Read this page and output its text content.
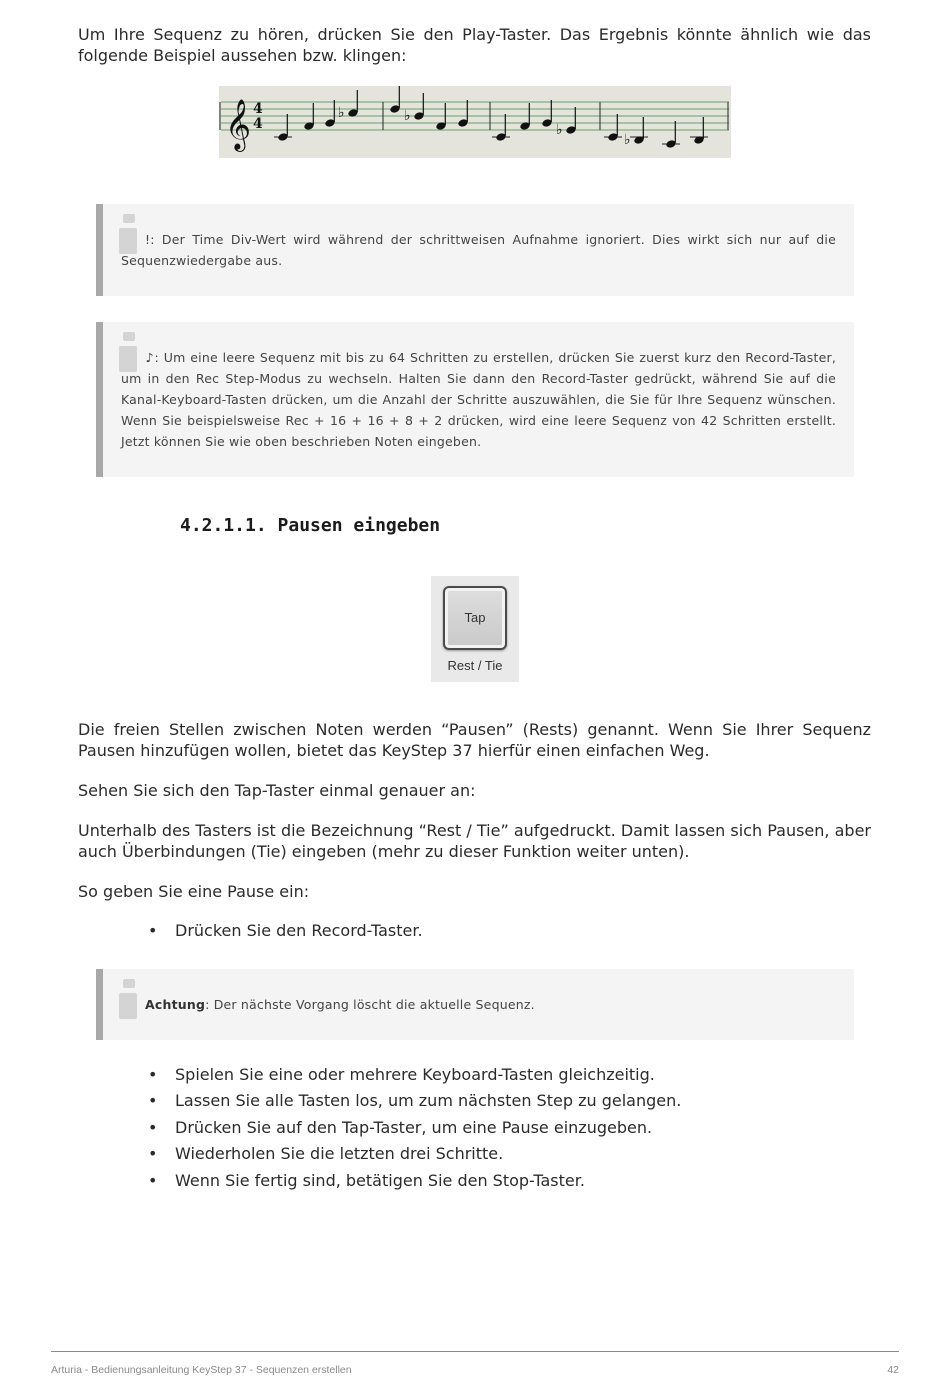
Um Ihre Sequenz zu hören, drücken Sie den Play-Taster. Das Ergebnis könnte ähnlich wie das folgende Beispiel aussehen bzw. klingen:

𝄞 4
4
♭	♭
♭
♭
!: Der Time Div-Wert wird während der schrittweisen Aufnahme ignoriert. Dies wirkt sich nur auf die Sequenzwiedergabe aus.
♪: Um eine leere Sequenz mit bis zu 64 Schritten zu erstellen, drücken Sie zuerst kurz den Record-Taster, um in den Rec Step-Modus zu wechseln. Halten Sie dann den Record-Taster gedrückt, während Sie auf die Kanal-Keyboard-Tasten drücken, um die Anzahl der Schritte auszuwählen, die Sie für Ihre Sequenz wünschen. Wenn Sie beispielsweise Rec + 16 + 16 + 8 + 2 drücken, wird eine leere Sequenz von 42 Schritten erstellt. Jetzt können Sie wie oben beschrieben Noten eingeben.
4.2.1.1. Pausen eingeben
Tap
Rest / Tie

Die freien Stellen zwischen Noten werden “Pausen” (Rests) genannt. Wenn Sie Ihrer Sequenz Pausen hinzufügen wollen, bietet das KeyStep 37 hierfür einen einfachen Weg.

Sehen Sie sich den Tap-Taster einmal genauer an:

Unterhalb des Tasters ist die Bezeichnung “Rest / Tie” aufgedruckt. Damit lassen sich Pausen, aber auch Überbindungen (Tie) eingeben (mehr zu dieser Funktion weiter unten).

So geben Sie eine Pause ein:

• Drücken Sie den Record-Taster.
Achtung: Der nächste Vorgang löscht die aktuelle Sequenz.
• Spielen Sie eine oder mehrere Keyboard-Tasten gleichzeitig.
• Lassen Sie alle Tasten los, um zum nächsten Step zu gelangen.
• Drücken Sie auf den Tap-Taster, um eine Pause einzugeben.
• Wiederholen Sie die letzten drei Schritte.
• Wenn Sie fertig sind, betätigen Sie den Stop-Taster.
Arturia - Bedienungsanleitung KeyStep 37 - Sequenzen erstellen	42
